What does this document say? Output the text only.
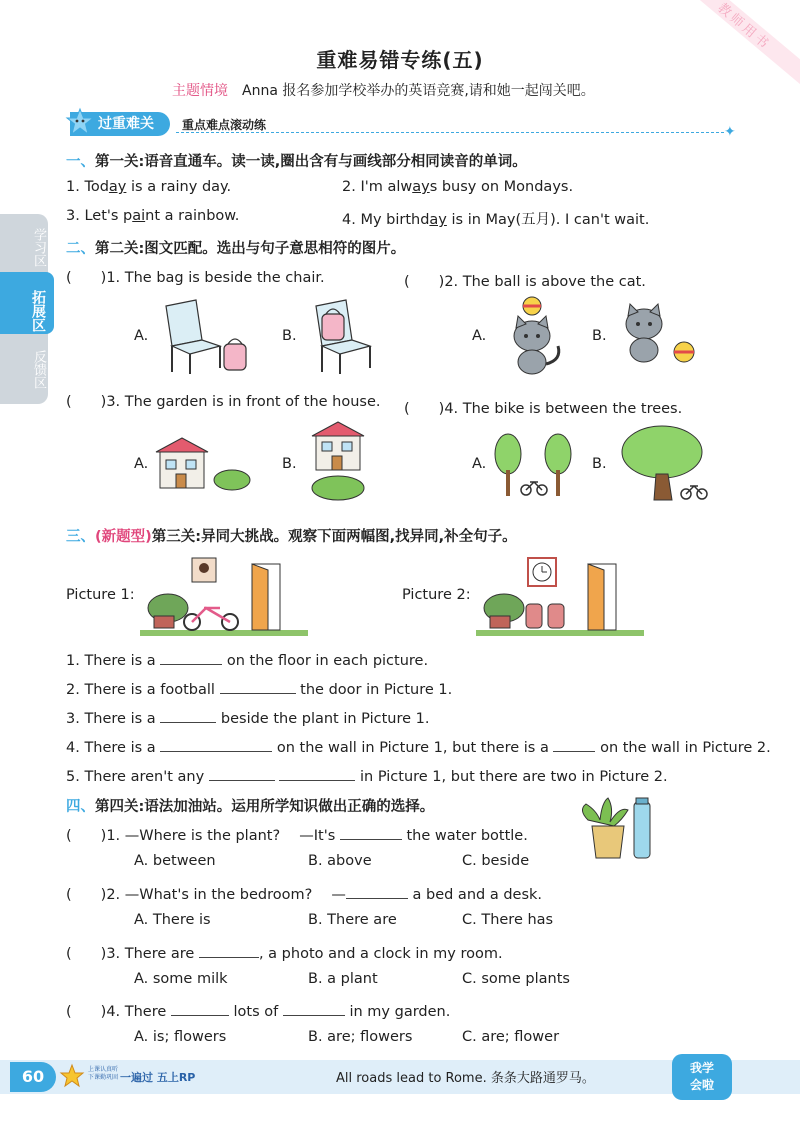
教师用书
学习区
拓展区
反馈区
重难易错专练(五)
主题情境 Anna 报名参加学校举办的英语竞赛,请和她一起闯关吧。
过重难关	重点难点滚动练	✦
一、第一关:语音直通车。读一读,圈出含有与画线部分相同读音的单词。
1. Today is a rainy day.	2. I'm always busy on Mondays.
3. Let's paint a rainbow.	4. My birthday is in May(五月). I can't wait.
二、第二关:图文匹配。选出与句子意思相符的图片。
(　　)1. The bag is beside the chair.	(　　)2. The ball is above the cat.
(　　)3. The garden is in front of the house. (　　)4. The bike is between the trees.
A.	B.	A.	B.
A.	B.	A.	B.
三、(新题型)第三关:异同大挑战。观察下面两幅图,找异同,补全句子。
Picture 1:	Picture 2:
1. There is a	on the floor in each picture.
2. There is a football	the door in Picture 1.
3. There is a	beside the plant in Picture 1.
4. There is a	on the wall in Picture 1, but there is a	on the wall in Picture 2.
5. There aren't any	in Picture 1, but there are two in Picture 2.
四、第四关:语法加油站。运用所学知识做出正确的选择。
(　　)1. —Where is the plant?　 —It's	the water bottle.
A. between	B. above	C. beside
(　　)2. —What's in the bedroom?　 —	a bed and a desk.
A. There is	B. There are	C. There has
(　　)3. There are	, a photo and a clock in my room.
A. some milk	B. a plant	C. some plants
(　　)4. There	lots of	in my garden.
A. is; flowers	B. are; flowers	C. are; flower
60	上课认真听
下课勤巩固 一遍过 五上RP	All roads lead to Rome. 条条大路通罗马。
我学
会啦
